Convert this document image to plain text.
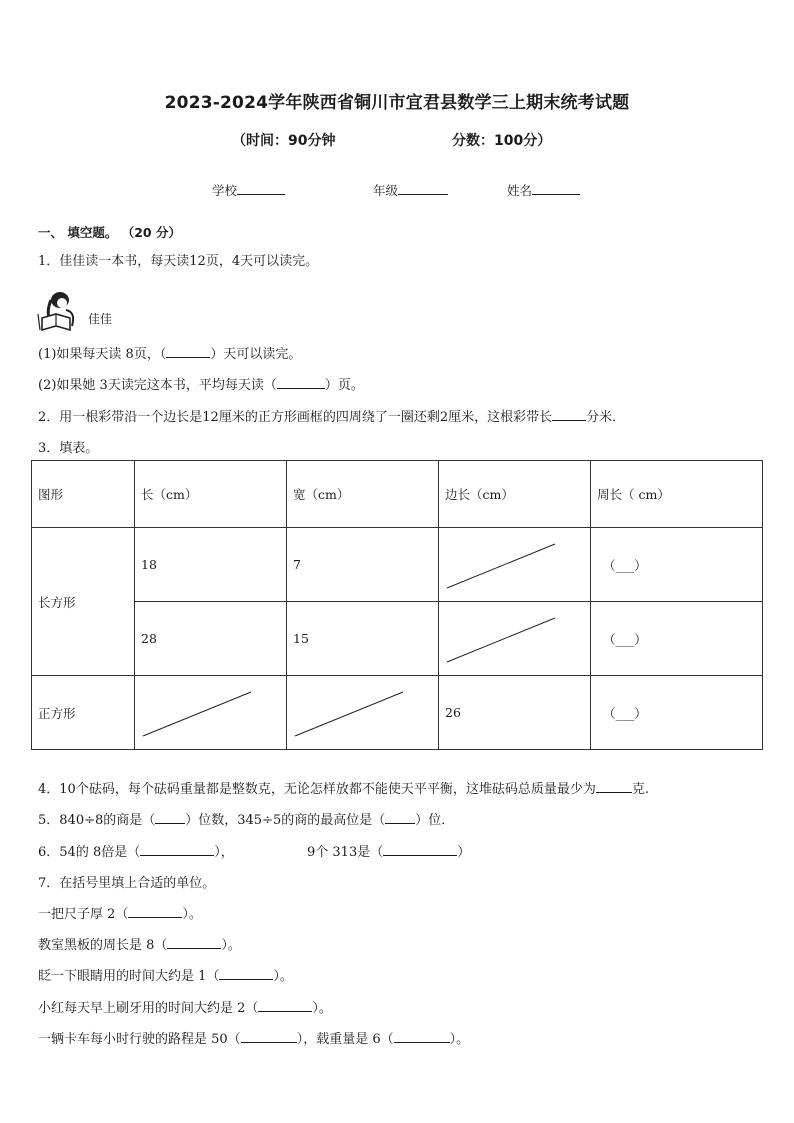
2023-2024学年陕西省铜川市宜君县数学三上期末统考试题
（时间：90分钟	分数：100分）
学校	年级	姓名
一、 填空题。 （20 分）
1．佳佳读一本书，每天读12页，4天可以读完。
佳佳
(1)如果每天读 8页，（	）天可以读完。
(2)如果她 3天读完这本书，平均每天读（	）页。
2．用一根彩带沿一个边长是12厘米的正方形画框的四周绕了一圈还剩2厘米，这根彩带长	分米．
3．填表。
图形	长（cm）	宽（cm）	边长（cm）	周长（ cm）
长方形	18	7		（___）
	28	15		（___）
正方形			26	（___）
4．10个砝码，每个砝码重量都是整数克，无论怎样放都不能使天平平衡，这堆砝码总质量最少为	克.
5．840÷8的商是（ ）位数，345÷5的商的最高位是（ ）位．
6．54的 8倍是（	），	9个 313是（	）
7．在括号里填上合适的单位。
一把尺子厚 2（	）。
教室黑板的周长是 8（	）。
眨一下眼睛用的时间大约是 1（	）。
小红每天早上刷牙用的时间大约是 2（	）。
一辆卡车每小时行驶的路程是 50（	），载重量是 6（	）。
